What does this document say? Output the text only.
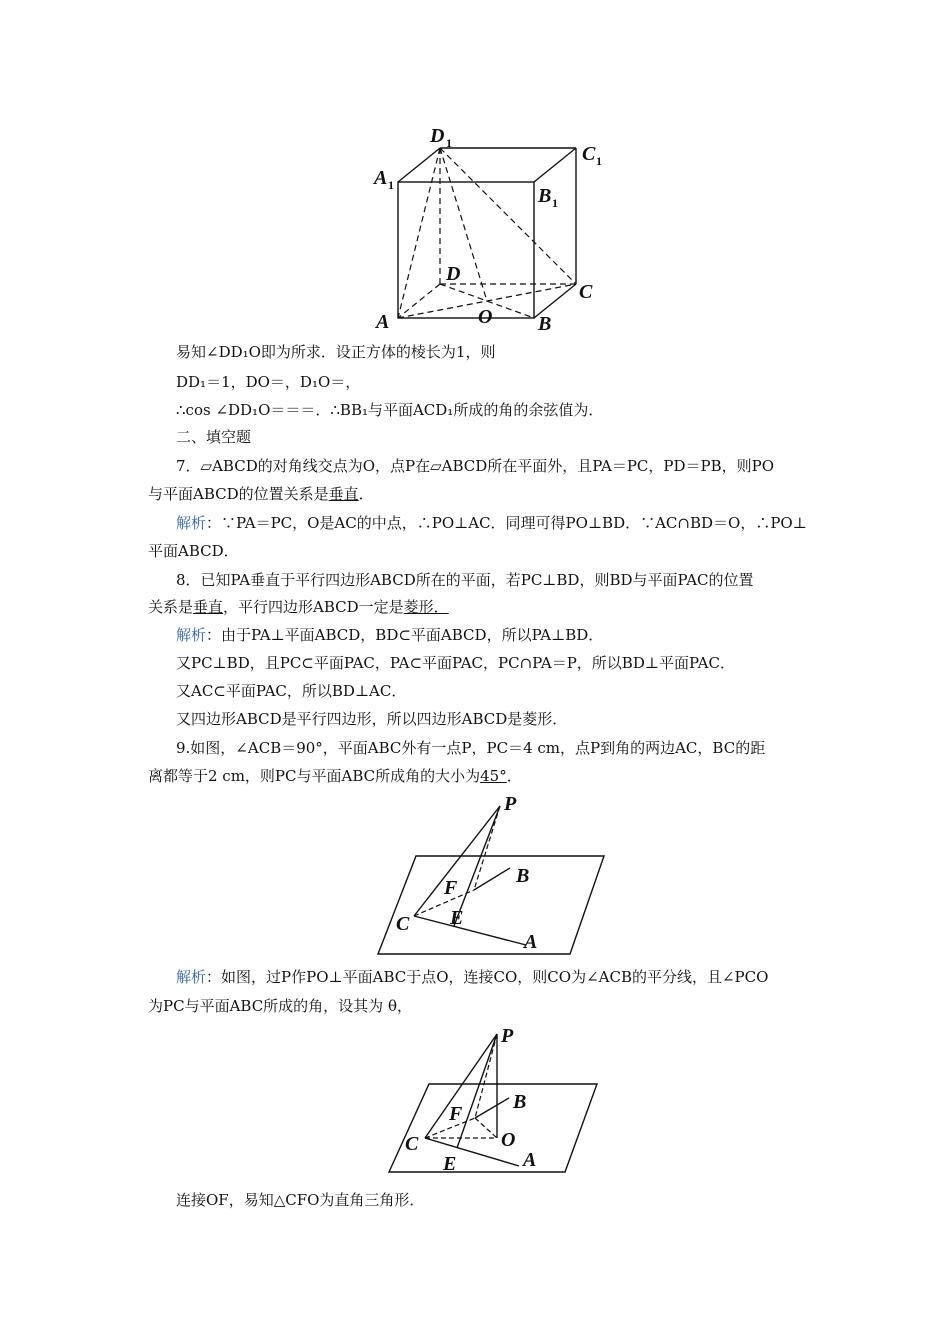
D 1	C 1
A 1	B 1
D
C
A	O B
易知∠DD₁O即为所求．设正方体的棱长为1，则
DD₁＝1，DO＝，D₁O＝，
∴cos ∠DD₁O＝＝＝．∴BB₁与平面ACD₁所成的角的余弦值为．
二、填空题
7．▱ABCD的对角线交点为O，点P在▱ABCD所在平面外，且PA＝PC，PD＝PB，则PO
与平面ABCD的位置关系是垂直．
解析：∵PA＝PC，O是AC的中点，∴PO⊥AC．同理可得PO⊥BD．∵AC∩BD＝O，∴PO⊥
平面ABCD．
8．已知PA垂直于平行四边形ABCD所在的平面，若PC⊥BD，则BD与平面PAC的位置
关系是垂直，平行四边形ABCD一定是菱形．
解析：由于PA⊥平面ABCD，BD⊂平面ABCD，所以PA⊥BD．
又PC⊥BD，且PC⊂平面PAC，PA⊂平面PAC，PC∩PA＝P，所以BD⊥平面PAC．
又AC⊂平面PAC，所以BD⊥AC．
又四边形ABCD是平行四边形，所以四边形ABCD是菱形．
9.如图，∠ACB＝90°，平面ABC外有一点P，PC＝4 cm，点P到角的两边AC，BC的距
离都等于2 cm，则PC与平面ABC所成角的大小为45°．
P
B
F
C E
A
解析：如图，过P作PO⊥平面ABC于点O，连接CO，则CO为∠ACB的平分线，且∠PCO
为PC与平面ABC所成的角，设其为 θ，
P
B
F
C	O
E	A
连接OF，易知△CFO为直角三角形．
